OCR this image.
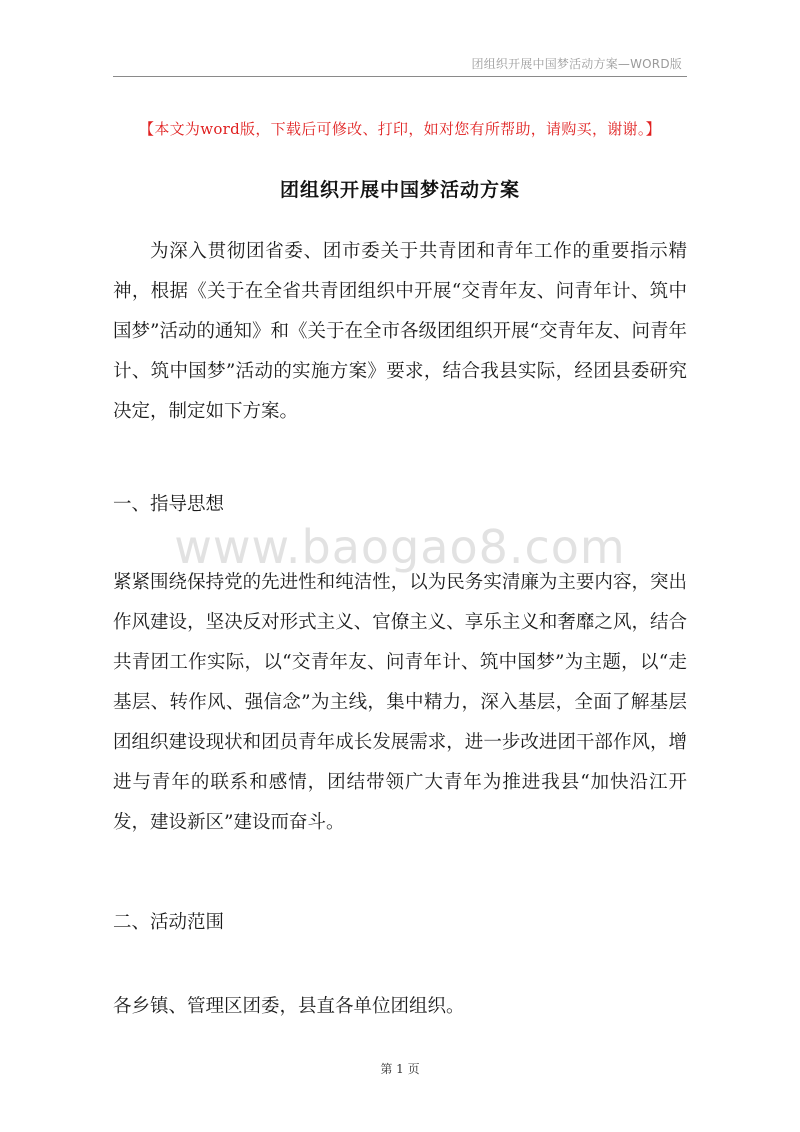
团组织开展中国梦活动方案—WORD版
【本文为word版，下载后可修改、打印，如对您有所帮助，请购买，谢谢。】
团组织开展中国梦活动方案
为深入贯彻团省委、团市委关于共青团和青年工作的重要指示精神，根据《关于在全省共青团组织中开展“交青年友、问青年计、筑中国梦”活动的通知》和《关于在全市各级团组织开展“交青年友、问青年计、筑中国梦”活动的实施方案》要求，结合我县实际，经团县委研究决定，制定如下方案。
一、指导思想
www.baogao8.com
紧紧围绕保持党的先进性和纯洁性，以为民务实清廉为主要内容，突出作风建设，坚决反对形式主义、官僚主义、享乐主义和奢靡之风，结合共青团工作实际，以“交青年友、问青年计、筑中国梦”为主题，以“走基层、转作风、强信念”为主线，集中精力，深入基层，全面了解基层团组织建设现状和团员青年成长发展需求，进一步改进团干部作风，增进与青年的联系和感情，团结带领广大青年为推进我县“加快沿江开发，建设新区”建设而奋斗。
二、活动范围
各乡镇、管理区团委，县直各单位团组织。
第 1 页
